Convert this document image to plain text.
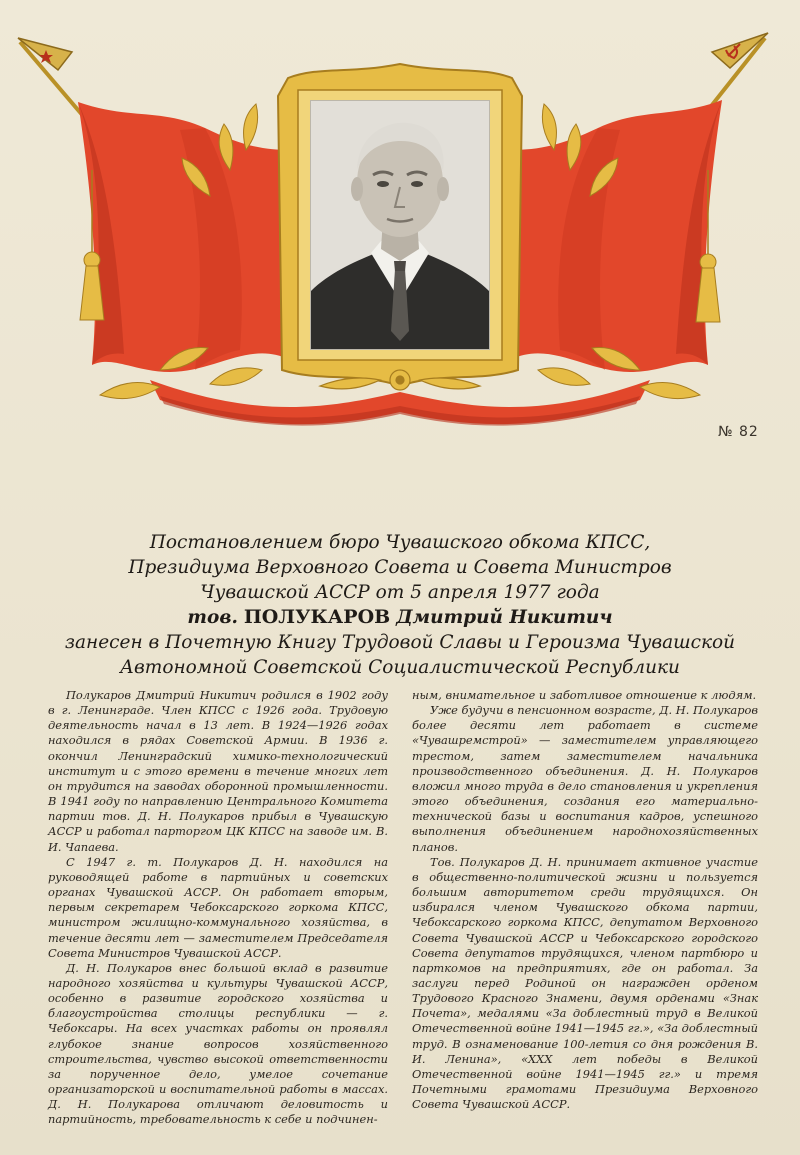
№ 82
Постановлением бюро Чувашского обкома КПСС,
Президиума Верховного Совета и Совета Министров
Чувашской АССР от 5 апреля 1977 года
тов. ПОЛУКАРОВ Дмитрий Никитич
занесен в Почетную Книгу Трудовой Славы и Героизма Чувашской
Автономной Советской Социалистической Республики

Полукаров Дмитрий Никитич родился в 1902 году в г. Ленинграде. Член КПСС с 1926 года. Трудовую деятельность начал в 13 лет. В 1924—1926 годах находился в рядах Советской Армии. В 1936 г. окончил Ленинградский химико-технологический институт и с этого времени в течение многих лет он трудится на заводах оборонной промышленности. В 1941 году по направлению Центрального Комитета партии тов. Д. Н. Полукаров прибыл в Чувашскую АССР и работал парторгом ЦК КПСС на заводе им. В. И. Чапаева.

С 1947 г. т. Полукаров Д. Н. находился на руководящей работе в партийных и советских органах Чувашской АССР. Он работает вторым, первым секретарем Чебоксарского горкома КПСС, министром жилищно-коммунального хозяйства, в течение десяти лет — заместителем Председателя Совета Министров Чувашской АССР.

Д. Н. Полукаров внес большой вклад в развитие народного хозяйства и культуры Чувашской АССР, особенно в развитие городского хозяйства и благоустройства столицы республики — г. Чебоксары. На всех участках работы он проявлял глубокое знание вопросов хозяйственного строительства, чувство высокой ответственности за порученное дело, умелое сочетание организаторской и воспитательной работы в массах. Д. Н. Полукарова отличают деловитость и партийность, требовательность к себе и подчинен-

ным, внимательное и заботливое отношение к людям.

Уже будучи в пенсионном возрасте, Д. Н. Полукаров более десяти лет работает в системе «Чувашремстрой» — заместителем управляющего трестом, затем заместителем начальника производственного объединения. Д. Н. Полукаров вложил много труда в дело становления и укрепления этого объединения, создания его материально-технической базы и воспитания кадров, успешного выполнения объединением народнохозяйственных планов.

Тов. Полукаров Д. Н. принимает активное участие в общественно-политической жизни и пользуется большим авторитетом среди трудящихся. Он избирался членом Чувашского обкома партии, Чебоксарского горкома КПСС, депутатом Верховного Совета Чувашской АССР и Чебоксарского городского Совета депутатов трудящихся, членом партбюро и парткомов на предприятиях, где он работал. За заслуги перед Родиной он награжден орденом Трудового Красного Знамени, двумя орденами «Знак Почета», медалями «За доблестный труд в Великой Отечественной войне 1941—1945 гг.», «За доблестный труд. В ознаменование 100-летия со дня рождения В. И. Ленина», «XXX лет победы в Великой Отечественной войне 1941—1945 гг.» и тремя Почетными грамотами Президиума Верховного Совета Чувашской АССР.
